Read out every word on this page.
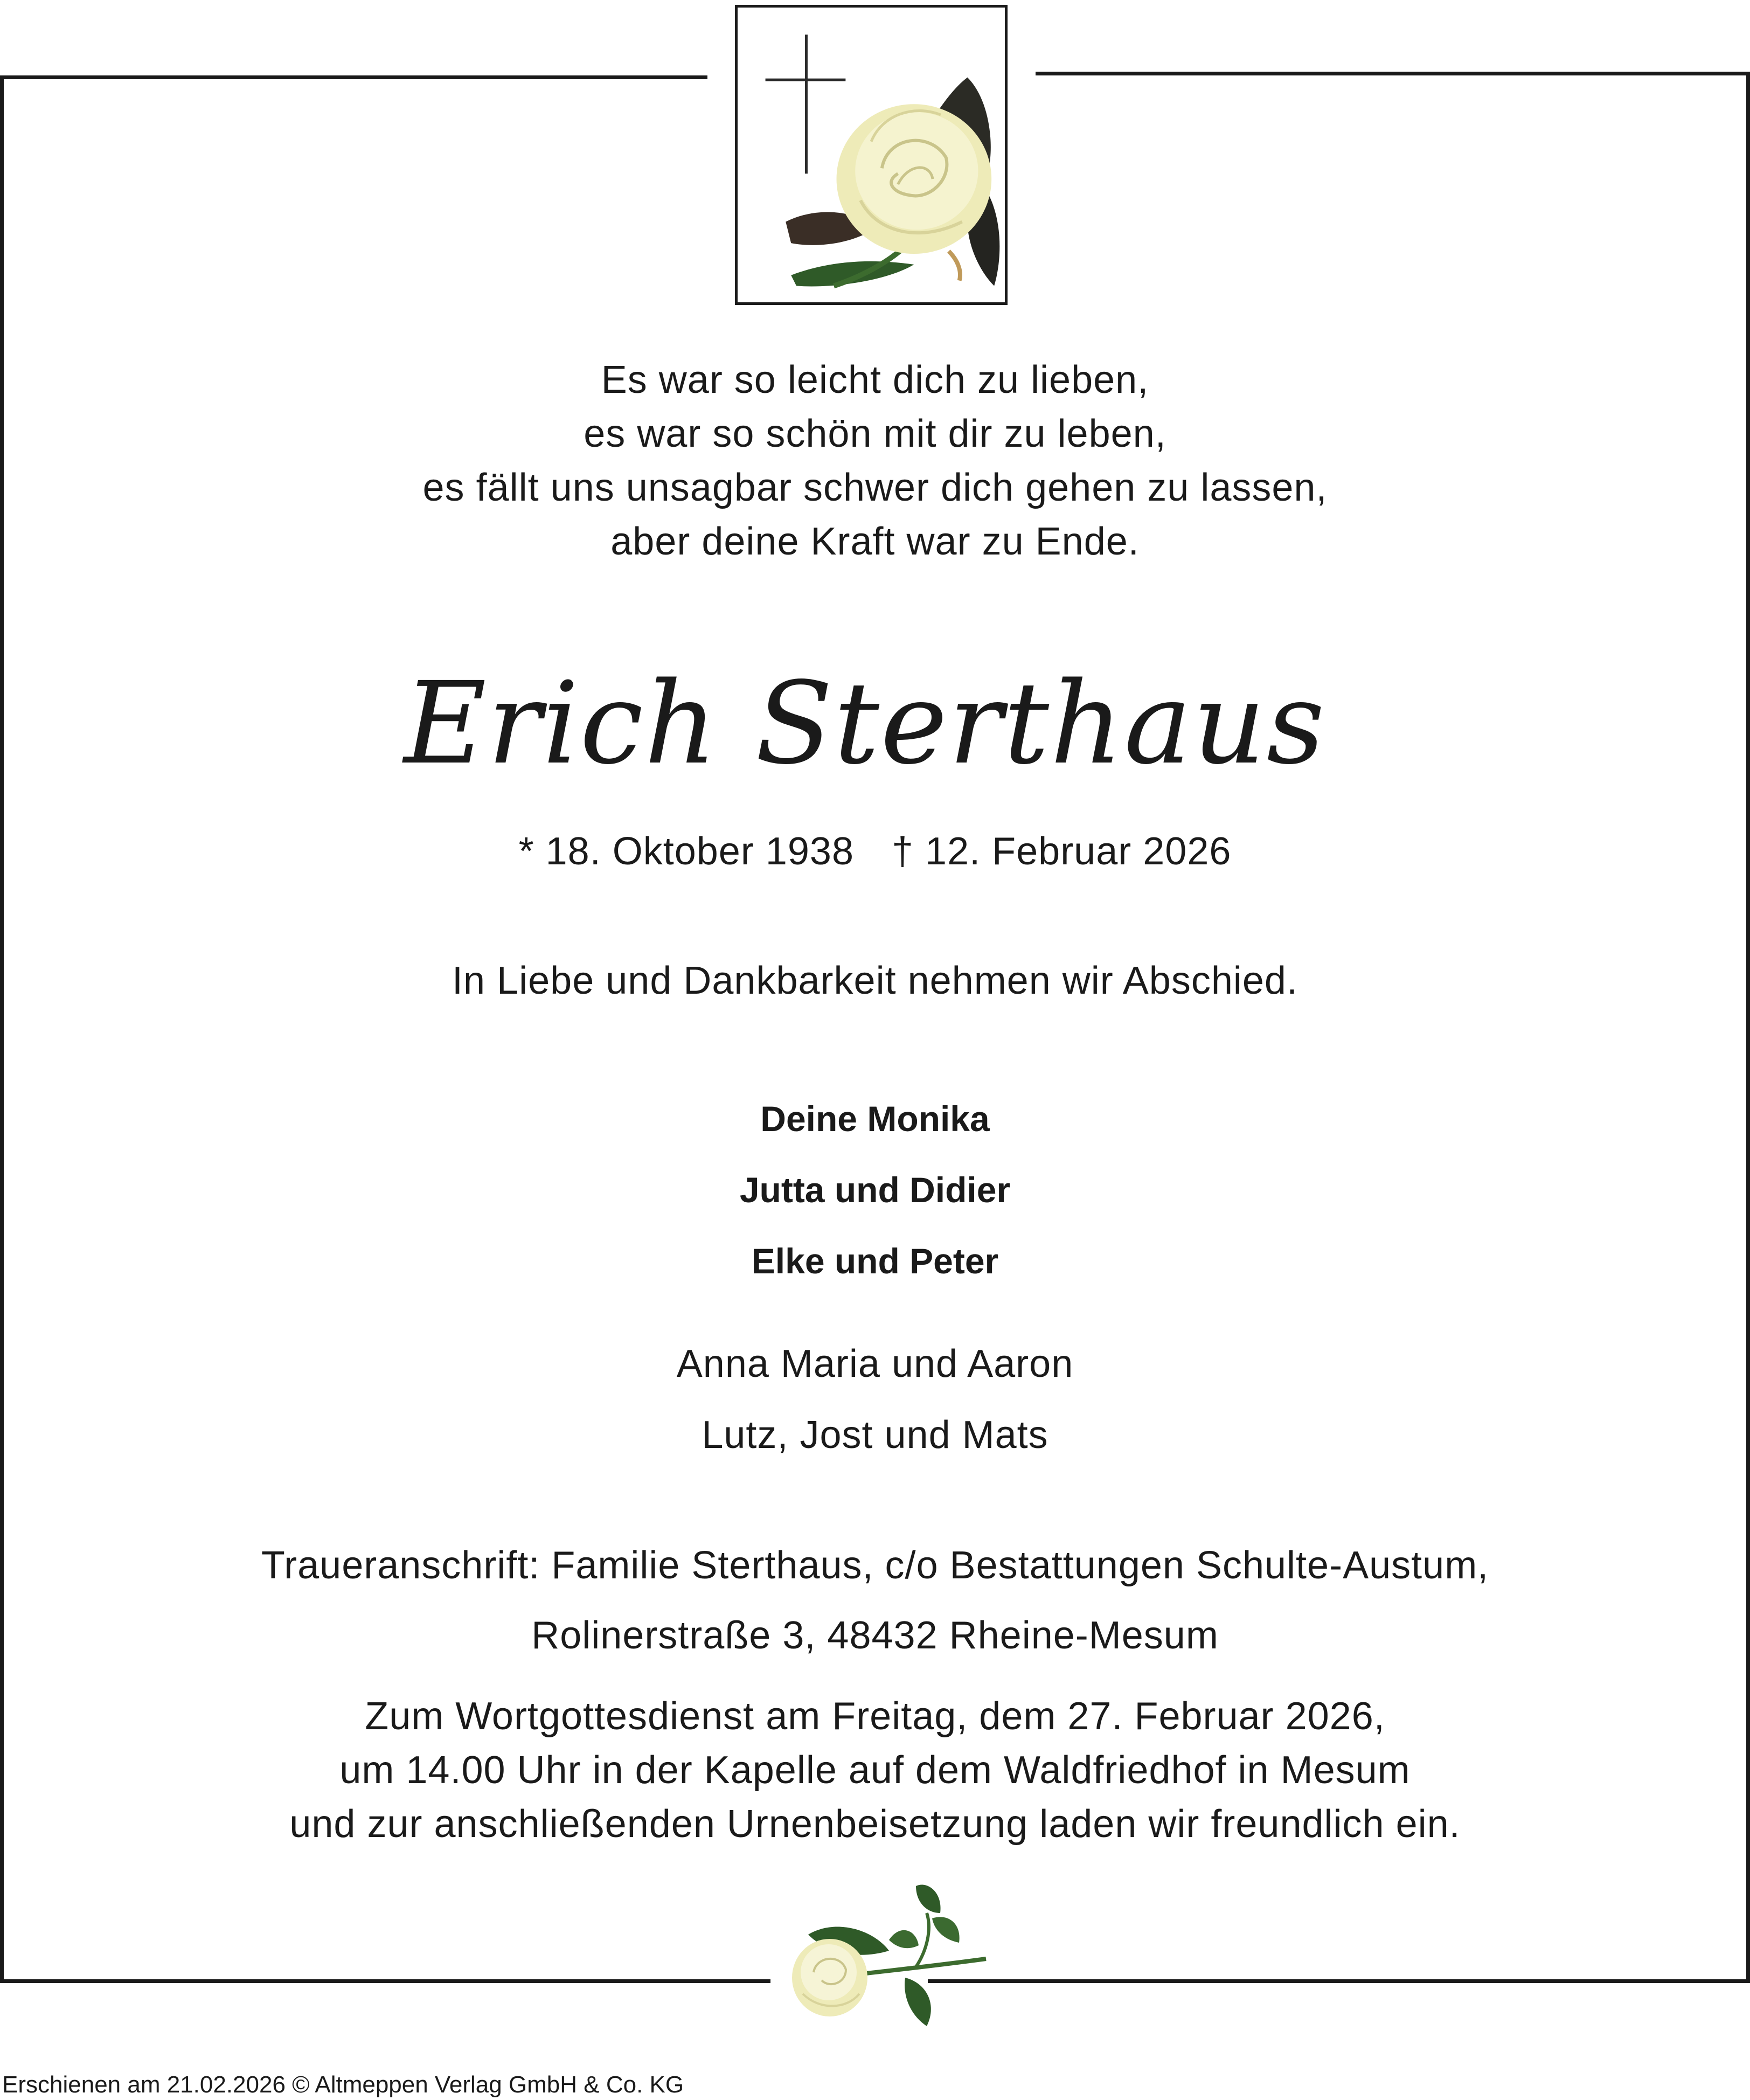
Es war so leicht dich zu lieben,
es war so schön mit dir zu leben,
es fällt uns unsagbar schwer dich gehen zu lassen,
aber deine Kraft war zu Ende.
Erich Sterthaus
* 18. Oktober 1938 † 12. Februar 2026
In Liebe und Dankbarkeit nehmen wir Abschied.
Deine Monika
Jutta und Didier
Elke und Peter
Anna Maria und Aaron
Lutz, Jost und Mats
Traueranschrift: Familie Sterthaus, c/o Bestattungen Schulte-Austum,
Rolinerstraße 3, 48432 Rheine-Mesum
Zum Wortgottesdienst am Freitag, dem 27. Februar 2026,
um 14.00 Uhr in der Kapelle auf dem Waldfriedhof in Mesum
und zur anschließenden Urnenbeisetzung laden wir freundlich ein.
Erschienen am 21.02.2026 © Altmeppen Verlag GmbH & Co. KG
